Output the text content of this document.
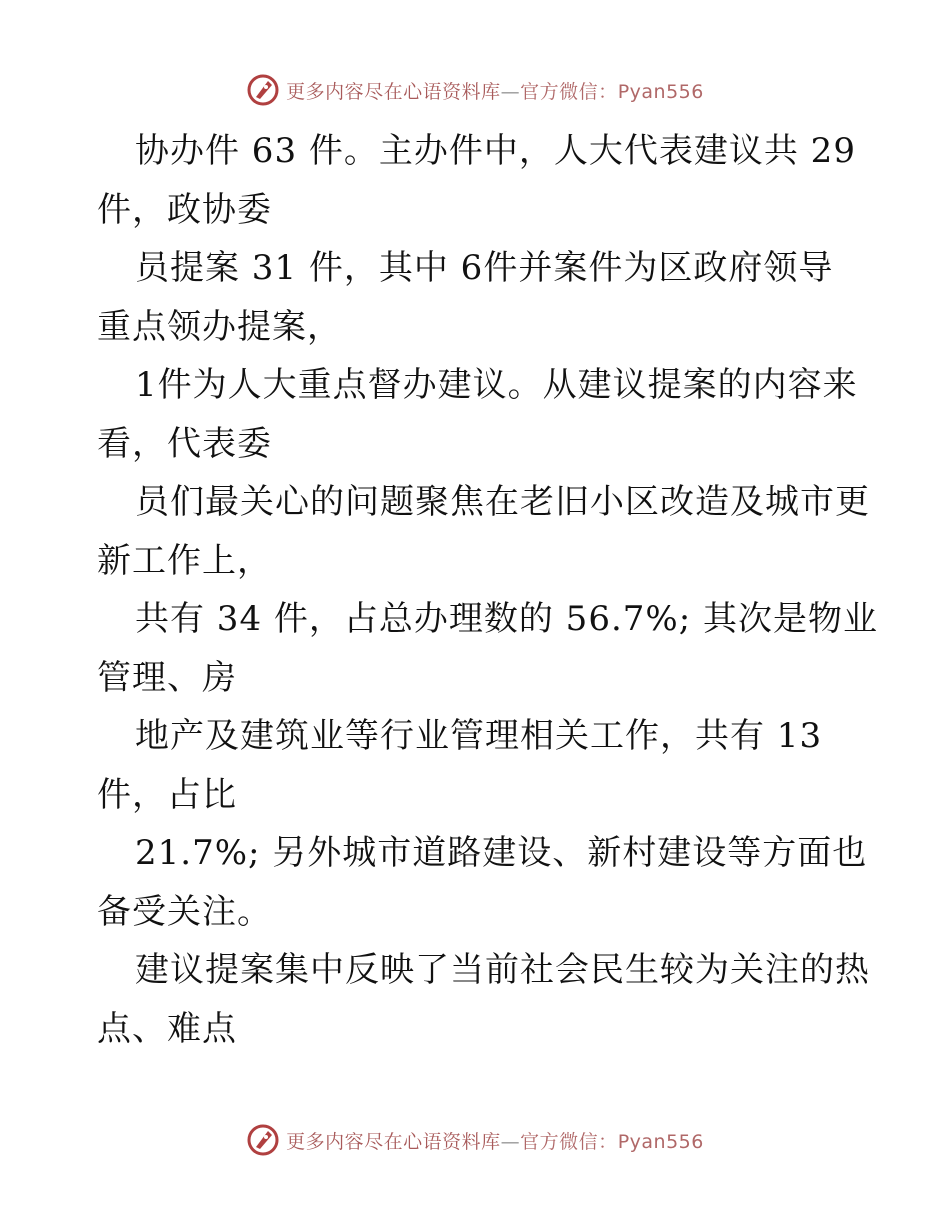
更多内容尽在心语资料库—官方微信：Pyan556
协办件 63 件。主办件中，人大代表建议共 29
件，政协委
员提案 31 件，其中 6件并案件为区政府领导
重点领办提案，
1件为人大重点督办建议。从建议提案的内容来
看，代表委
员们最关心的问题聚焦在老旧小区改造及城市更
新工作上，
共有 34 件，占总办理数的 56.7%; 其次是物业
管理、房
地产及建筑业等行业管理相关工作，共有 13
件，占比
21.7%; 另外城市道路建设、新村建设等方面也
备受关注。
建议提案集中反映了当前社会民生较为关注的热
点、难点
更多内容尽在心语资料库—官方微信：Pyan556
